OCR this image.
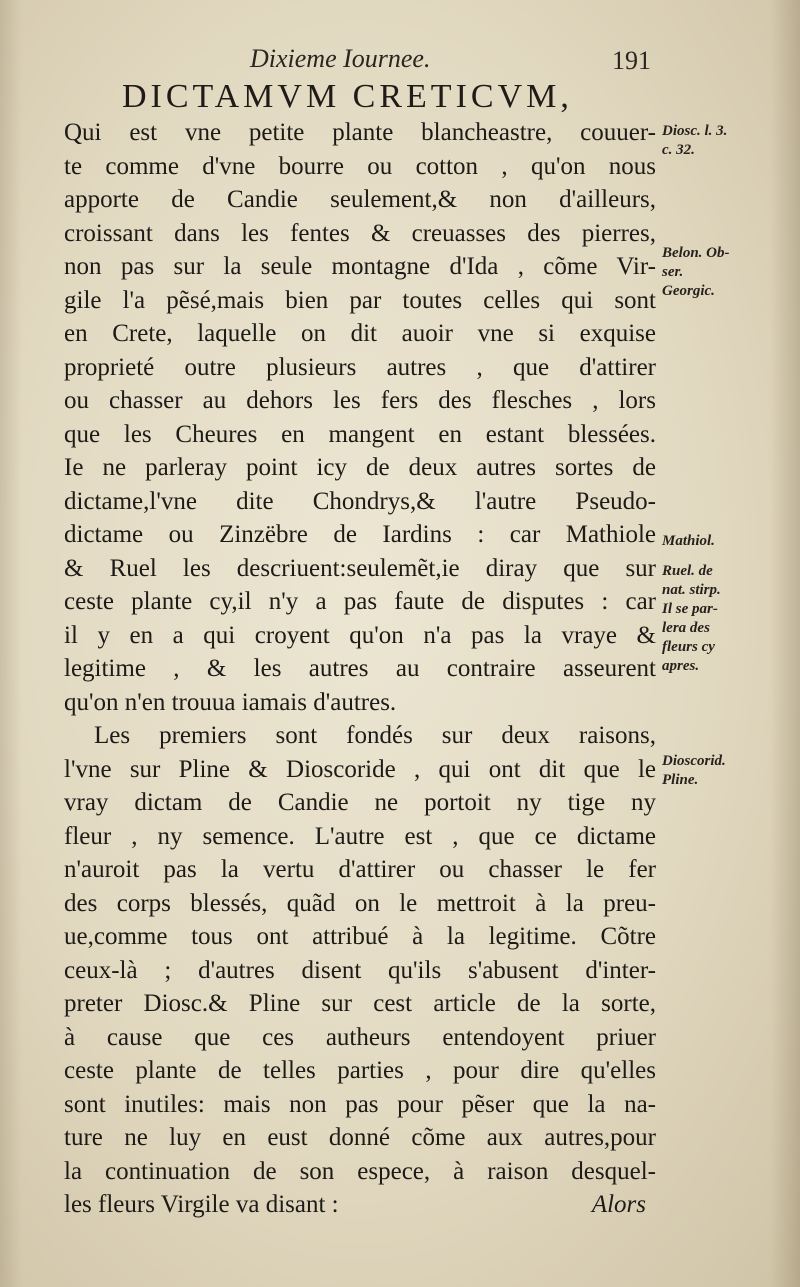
Dixieme Iournee.	191
DICTAMVM CRETICVM,
Qui est vne petite plante blancheastre, couuer-
te comme d'vne bourre ou cotton , qu'on nous
apporte de Candie seulement,& non d'ailleurs,
croissant dans les fentes & creuasses des pierres,
non pas sur la seule montagne d'Ida , cõme Vir-
gile l'a pẽsé,mais bien par toutes celles qui sont
en Crete, laquelle on dit auoir vne si exquise
proprieté outre plusieurs autres , que d'attirer
ou chasser au dehors les fers des flesches , lors
que les Cheures en mangent en estant blessées.
Ie ne parleray point icy de deux autres sortes de
dictame,l'vne dite Chondrys,& l'autre Pseudo-
dictame ou Zinzëbre de Iardins : car Mathiole
& Ruel les descriuent:seulemẽt,ie diray que sur
ceste plante cy,il n'y a pas faute de disputes : car
il y en a qui croyent qu'on n'a pas la vraye &
legitime , & les autres au contraire asseurent
qu'on n'en trouua iamais d'autres.
Les premiers sont fondés sur deux raisons,
l'vne sur Pline & Dioscoride , qui ont dit que le
vray dictam de Candie ne portoit ny tige ny
fleur , ny semence. L'autre est , que ce dictame
n'auroit pas la vertu d'attirer ou chasser le fer
des corps blessés, quãd on le mettroit à la preu-
ue,comme tous ont attribué à la legitime. Cõtre
ceux-là ; d'autres disent qu'ils s'abusent d'inter-
preter Diosc.& Pline sur cest article de la sorte,
à cause que ces autheurs entendoyent priuer
ceste plante de telles parties , pour dire qu'elles
sont inutiles: mais non pas pour pẽser que la na-
ture ne luy en eust donné cõme aux autres,pour
la continuation de son espece, à raison desquel-
les fleurs Virgile va disant :	Alors
Diosc. l. 3.
c. 32.
Belon. Ob-
ser.
Georgic.
Mathiol.
Ruel. de
nat. stirp.
Il se par-
lera des
fleurs cy
apres.
Dioscorid.
Pline.
